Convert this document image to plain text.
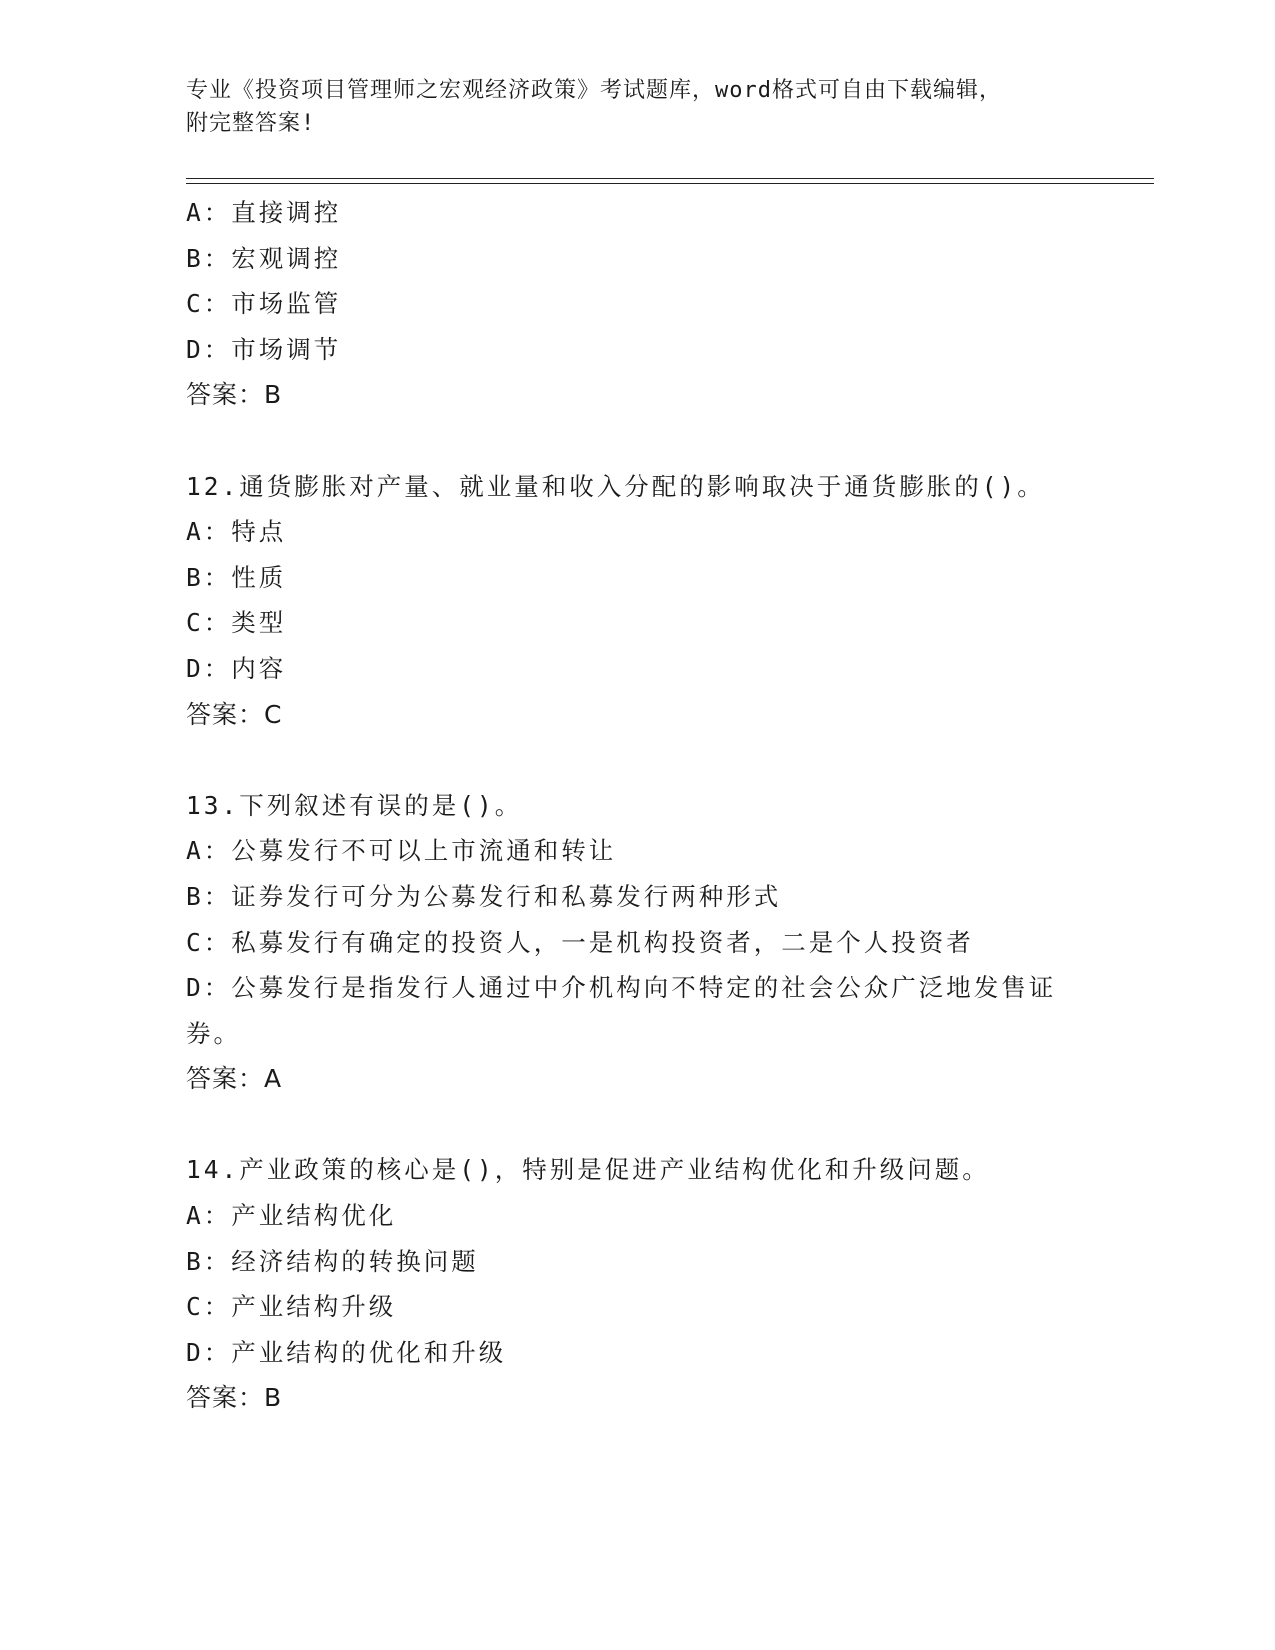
专业《投资项目管理师之宏观经济政策》考试题库，word格式可自由下载编辑，
附完整答案!
A：直接调控
B：宏观调控
C：市场监管
D：市场调节
答案：B
12.通货膨胀对产量、就业量和收入分配的影响取决于通货膨胀的()。
A：特点
B：性质
C：类型
D：内容
答案：C
13.下列叙述有误的是()。
A：公募发行不可以上市流通和转让
B：证券发行可分为公募发行和私募发行两种形式
C：私募发行有确定的投资人，一是机构投资者，二是个人投资者
D：公募发行是指发行人通过中介机构向不特定的社会公众广泛地发售证券。
答案：A
14.产业政策的核心是()，特别是促进产业结构优化和升级问题。
A：产业结构优化
B：经济结构的转换问题
C：产业结构升级
D：产业结构的优化和升级
答案：B
